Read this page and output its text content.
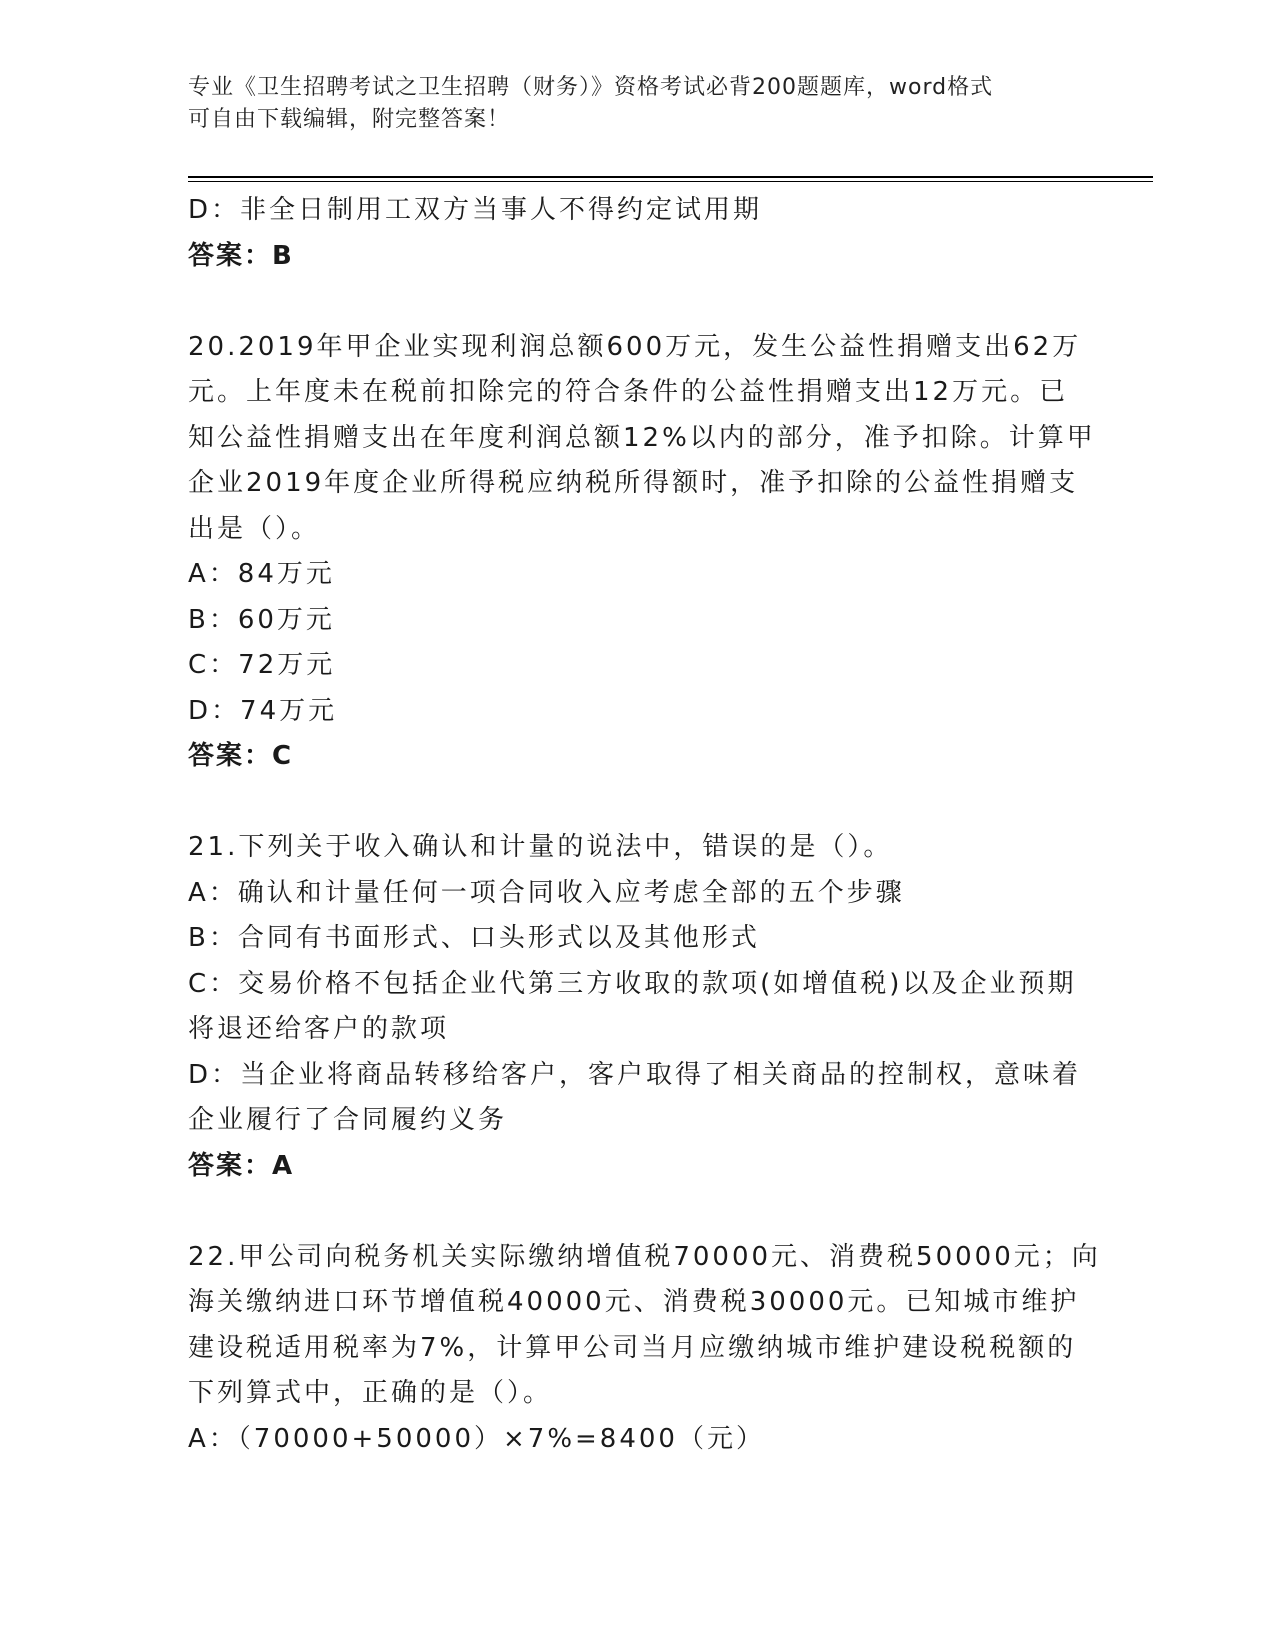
专业《卫生招聘考试之卫生招聘（财务）》资格考试必背200题题库，word格式
可自由下载编辑，附完整答案！
D：非全日制用工双方当事人不得约定试用期
答案：B
20.2019年甲企业实现利润总额600万元，发生公益性捐赠支出62万
元。上年度未在税前扣除完的符合条件的公益性捐赠支出12万元。已
知公益性捐赠支出在年度利润总额12%以内的部分，准予扣除。计算甲
企业2019年度企业所得税应纳税所得额时，准予扣除的公益性捐赠支
出是（）。
A：84万元
B：60万元
C：72万元
D：74万元
答案：C
21.下列关于收入确认和计量的说法中，错误的是（）。
A：确认和计量任何一项合同收入应考虑全部的五个步骤
B：合同有书面形式、口头形式以及其他形式
C：交易价格不包括企业代第三方收取的款项(如增值税)以及企业预期
将退还给客户的款项
D：当企业将商品转移给客户，客户取得了相关商品的控制权，意味着
企业履行了合同履约义务
答案：A
22.甲公司向税务机关实际缴纳增值税70000元、消费税50000元；向
海关缴纳进口环节增值税40000元、消费税30000元。已知城市维护
建设税适用税率为7%，计算甲公司当月应缴纳城市维护建设税税额的
下列算式中，正确的是（）。
A：（70000+50000）×7%=8400（元）
